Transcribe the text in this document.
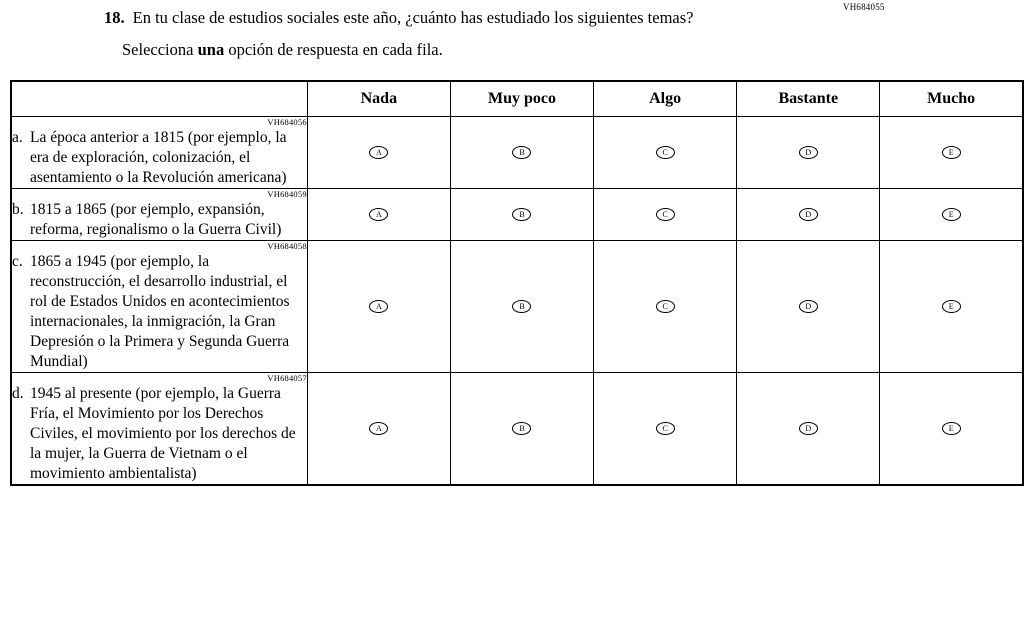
VH684055
18. En tu clase de estudios sociales este año, ¿cuánto has estudiado los siguientes temas?
Selecciona una opción de respuesta en cada fila.
	Nada	Muy poco	Algo	Bastante	Mucho

VH684056
a. La época anterior a 1815 (por ejemplo, la era de exploración, colonización, el asentamiento o la Revolución americana)	A	B	C	D	E

VH684059
b. 1815 a 1865 (por ejemplo, expansión, reforma, regionalismo o la Guerra Civil)	A	B	C	D	E

VH684058
c. 1865 a 1945 (por ejemplo, la reconstrucción, el desarrollo industrial, el rol de Estados Unidos en acontecimientos internacionales, la inmigración, la Gran Depresión o la Primera y Segunda Guerra Mundial)	A	B	C	D	E

VH684057
d. 1945 al presente (por ejemplo, la Guerra Fría, el Movimiento por los Derechos Civiles, el movimiento por los derechos de la mujer, la Guerra de Vietnam o el movimiento ambientalista)	A	B	C	D	E
